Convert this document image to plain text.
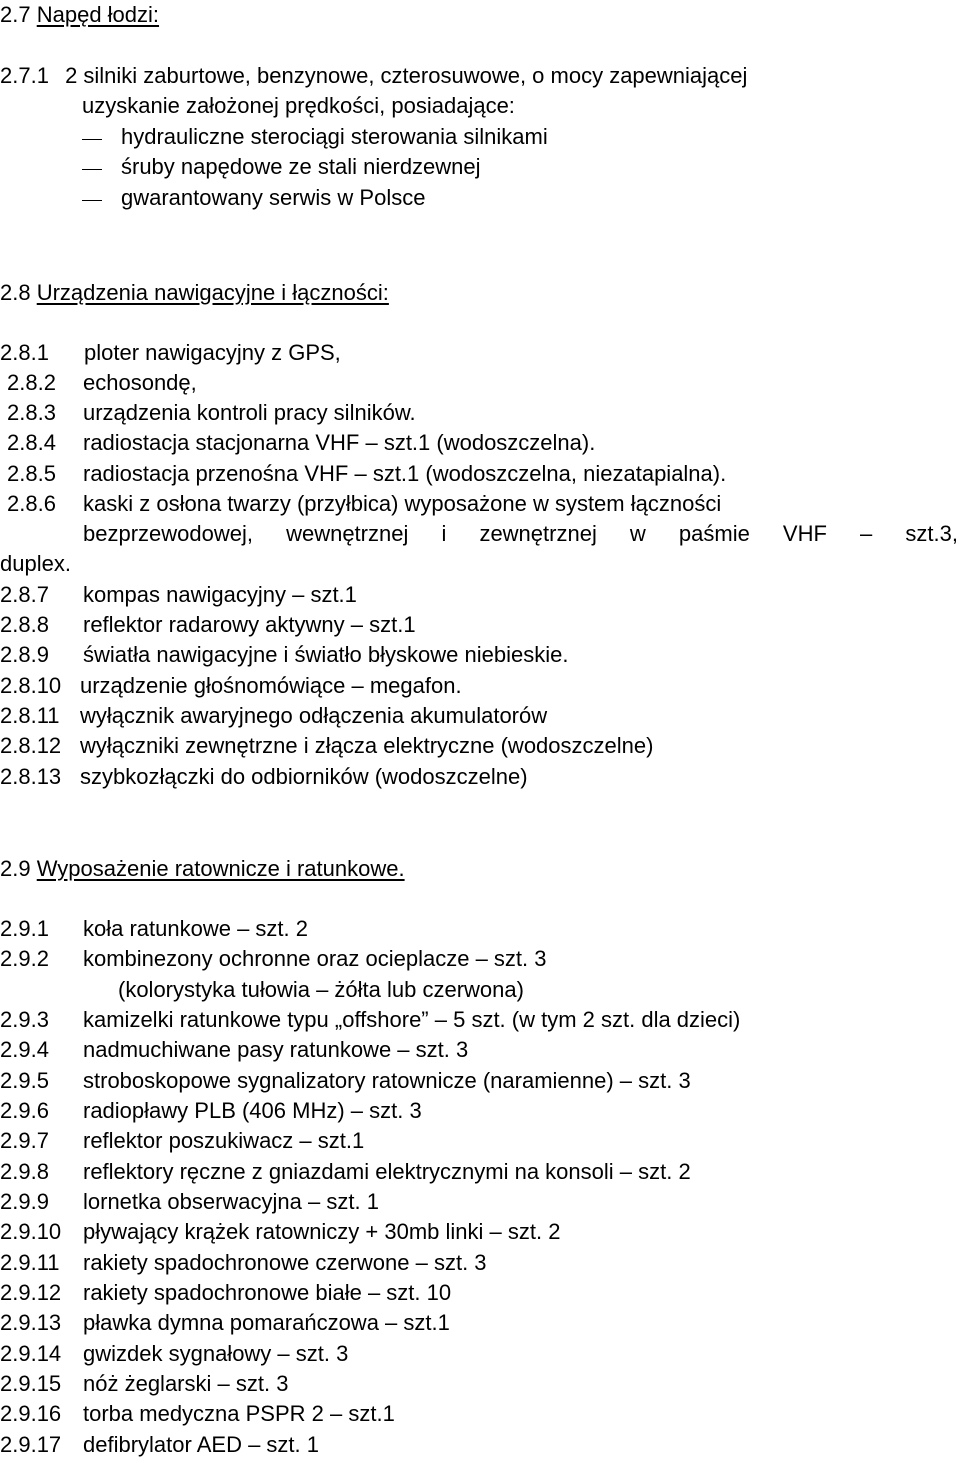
2.7 Napęd łodzi:
2.7.1 2 silniki zaburtowe, benzynowe, czterosuwowe, o mocy zapewniającej
uzyskanie założonej prędkości, posiadające:
hydrauliczne sterociągi sterowania silnikami
śruby napędowe ze stali nierdzewnej
gwarantowany serwis w Polsce
2.8 Urządzenia nawigacyjne i łączności:
2.8.1 ploter nawigacyjny z GPS,
2.8.2 echosondę,
2.8.3 urządzenia kontroli pracy silników.
2.8.4 radiostacja stacjonarna VHF – szt.1 (wodoszczelna).
2.8.5 radiostacja przenośna VHF – szt.1 (wodoszczelna, niezatapialna).
2.8.6 kaski z osłona twarzy (przyłbica) wyposażone w system łączności
bezprzewodowej, wewnętrznej i zewnętrznej w paśmie VHF – szt.3,
duplex.
2.8.7 kompas nawigacyjny – szt.1
2.8.8 reflektor radarowy aktywny – szt.1
2.8.9 światła nawigacyjne i światło błyskowe niebieskie.
2.8.10 urządzenie głośnomówiące – megafon.
2.8.11 wyłącznik awaryjnego odłączenia akumulatorów
2.8.12 wyłączniki zewnętrzne i złącza elektryczne (wodoszczelne)
2.8.13 szybkozłączki do odbiorników (wodoszczelne)
2.9 Wyposażenie ratownicze i ratunkowe.
2.9.1 koła ratunkowe – szt. 2
2.9.2 kombinezony ochronne oraz ocieplacze – szt. 3
(kolorystyka tułowia – żółta lub czerwona)
2.9.3 kamizelki ratunkowe typu „offshore” – 5 szt. (w tym 2 szt. dla dzieci)
2.9.4 nadmuchiwane pasy ratunkowe – szt. 3
2.9.5 stroboskopowe sygnalizatory ratownicze (naramienne) – szt. 3
2.9.6 radiopławy PLB (406 MHz) – szt. 3
2.9.7 reflektor poszukiwacz – szt.1
2.9.8 reflektory ręczne z gniazdami elektrycznymi na konsoli – szt. 2
2.9.9 lornetka obserwacyjna – szt. 1
2.9.10 pływający krążek ratowniczy + 30mb linki – szt. 2
2.9.11 rakiety spadochronowe czerwone – szt. 3
2.9.12 rakiety spadochronowe białe – szt. 10
2.9.13 pławka dymna pomarańczowa – szt.1
2.9.14 gwizdek sygnałowy – szt. 3
2.9.15 nóż żeglarski – szt. 3
2.9.16 torba medyczna PSPR 2 – szt.1
2.9.17 defibrylator AED – szt. 1
